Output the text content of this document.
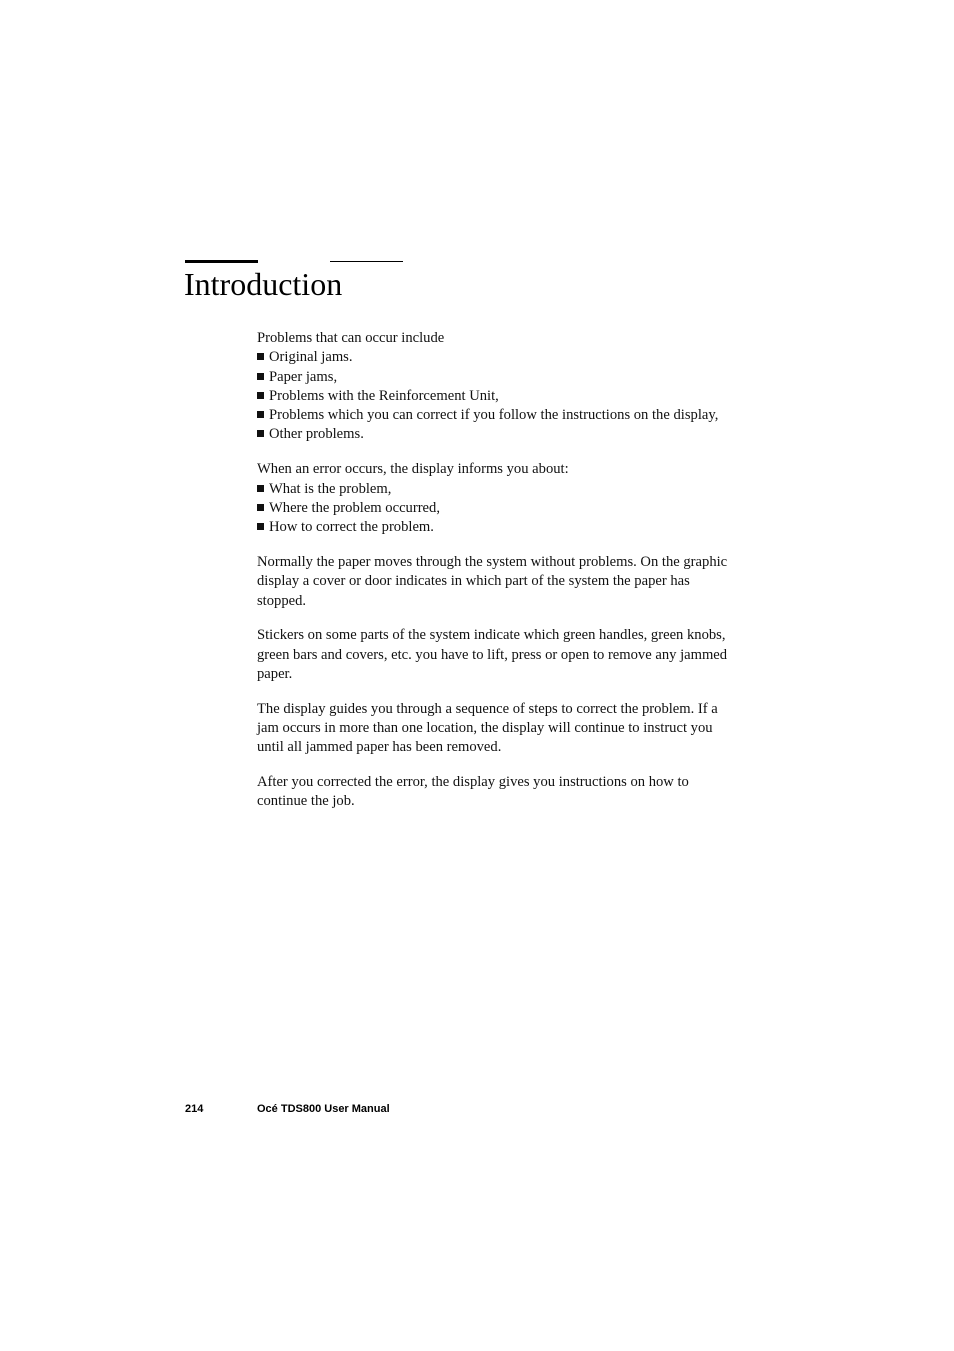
Introduction

Problems that can occur include

Original jams.
Paper jams,
Problems with the Reinforcement Unit,
Problems which you can correct if you follow the instructions on the display,
Other problems.

When an error occurs, the display informs you about:

What is the problem,
Where the problem occurred,
How to correct the problem.

Normally the paper moves through the system without problems. On the graphic display a cover or door indicates in which part of the system the paper has stopped.

Stickers on some parts of the system indicate which green handles, green knobs, green bars and covers, etc. you have to lift, press or open to remove any jammed paper.

The display guides you through a sequence of steps to correct the problem. If a jam occurs in more than one location, the display will continue to instruct you until all jammed paper has been removed.

After you corrected the error, the display gives you instructions on how to continue the job.

214	Océ TDS800 User Manual
